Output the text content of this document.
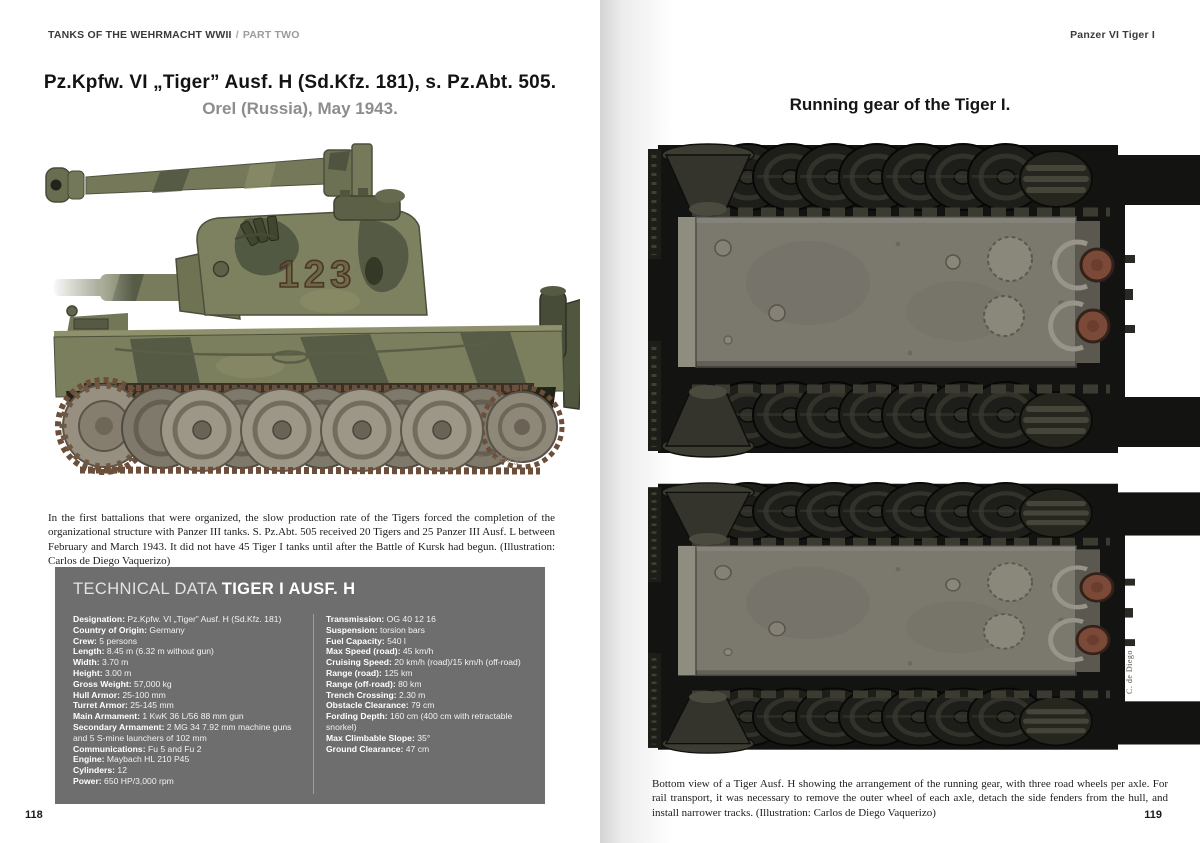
TANKS OF THE WEHRMACHT WWII / PART TWO
Pz.Kpfw. VI „Tiger” Ausf. H (Sd.Kfz. 181), s. Pz.Abt. 505.
Orel (Russia), May 1943.
123
C. de Diego

In the first battalions that were organized, the slow production rate of the Tigers forced the completion of the organizational structure with Panzer III tanks. S. Pz.Abt. 505 received 20 Tigers and 25 Panzer III Ausf. L between February and March 1943. It did not have 45 Tiger I tanks until after the Battle of Kursk had begun. (Illustration: Carlos de Diego Vaquerizo)

TECHNICAL DATA TIGER I AUSF. H
Designation: Pz.Kpfw. VI „Tiger” Ausf. H (Sd.Kfz. 181)
Country of Origin: Germany
Crew: 5 persons
Length: 8.45 m (6.32 m without gun)
Width: 3.70 m
Height: 3.00 m
Gross Weight: 57,000 kg
Hull Armor: 25-100 mm
Turret Armor: 25-145 mm
Main Armament: 1 KwK 36 L/56 88 mm gun
Secondary Armament: 2 MG 34 7.92 mm machine guns and 5 S-mine launchers of 102 mm
Communications: Fu 5 and Fu 2
Engine: Maybach HL 210 P45
Cylinders: 12
Power: 650 HP/3,000 rpm
Transmission: OG 40 12 16
Suspension: torsion bars
Fuel Capacity: 540 l
Max Speed (road): 45 km/h
Cruising Speed: 20 km/h (road)/15 km/h (off-road)
Range (road): 125 km
Range (off-road): 80 km
Trench Crossing: 2.30 m
Obstacle Clearance: 79 cm
Fording Depth: 160 cm (400 cm with retractable snorkel)
Max Climbable Slope: 35°
Ground Clearance: 47 cm
118
Panzer VI Tiger I
Running gear of the Tiger I.
C. de Diego

Bottom view of a Tiger Ausf. H showing the arrangement of the running gear, with three road wheels per axle. For rail transport, it was necessary to remove the outer wheel of each axle, detach the side fenders from the hull, and install narrower tracks. (Illustration: Carlos de Diego Vaquerizo)	119
